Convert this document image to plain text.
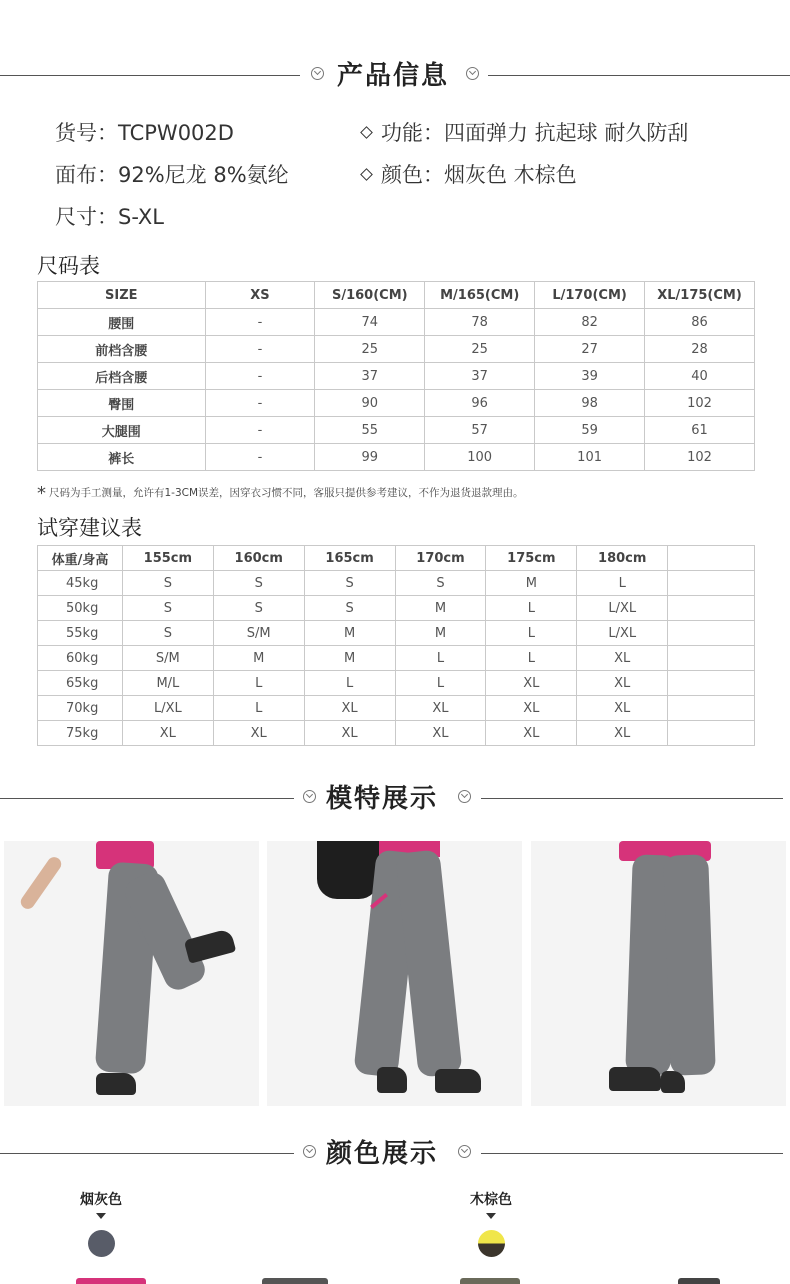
产品信息
货号：TCPW002D
面布：92%尼龙 8%氨纶
尺寸：S-XL
功能：四面弹力 抗起球 耐久防刮
颜色：烟灰色 木棕色
尺码表
SIZE	XS	S/160(CM)	M/165(CM)	L/170(CM)	XL/175(CM)
腰围	-	74	78	82	86
前档含腰	-	25	25	27	28
后档含腰	-	37	37	39	40
臀围	-	90	96	98	102
大腿围	-	55	57	59	61
裤长	-	99	100	101	102
* 尺码为手工测量，允许有1-3CM误差，因穿衣习惯不同，客服只提供参考建议，不作为退货退款理由。
试穿建议表
体重/身高	155cm	160cm	165cm	170cm	175cm	180cm	
45kg	S	S	S	S	M	L	
50kg	S	S	S	M	L	L/XL	
55kg	S	S/M	M	M	L	L/XL	
60kg	S/M	M	M	L	L	XL	
65kg	M/L	L	L	L	XL	XL	
70kg	L/XL	L	XL	XL	XL	XL	
75kg	XL	XL	XL	XL	XL	XL	
模特展示
颜色展示
烟灰色	木棕色
